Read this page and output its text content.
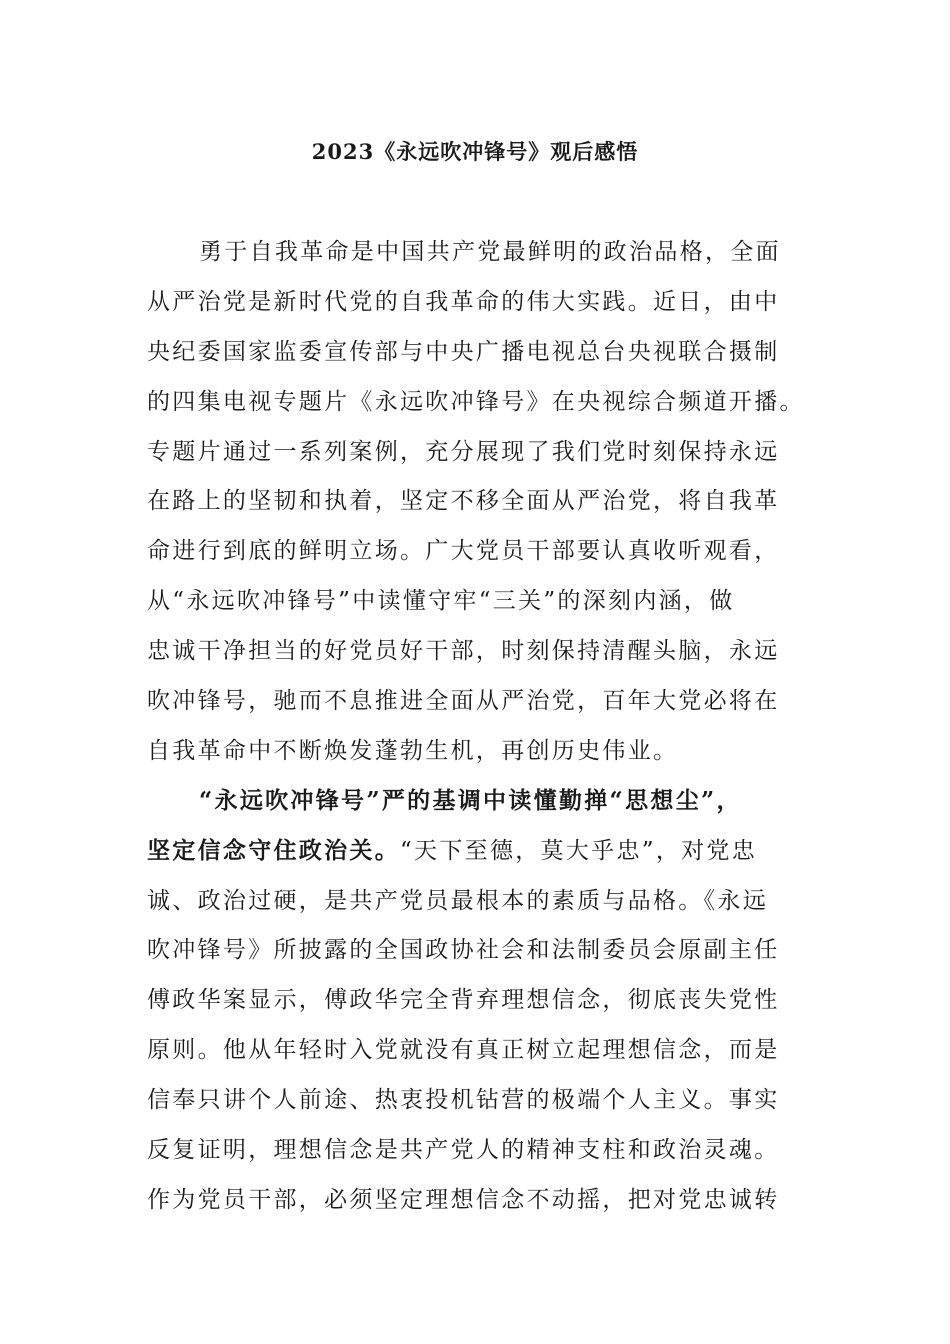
2023《永远吹冲锋号》观后感悟
勇于自我革命是中国共产党最鲜明的政治品格，全面
从严治党是新时代党的自我革命的伟大实践。近日，由中
央纪委国家监委宣传部与中央广播电视总台央视联合摄制
的四集电视专题片《永远吹冲锋号》在央视综合频道开播。
专题片通过一系列案例，充分展现了我们党时刻保持永远
在路上的坚韧和执着，坚定不移全面从严治党，将自我革
命进行到底的鲜明立场。广大党员干部要认真收听观看，
从“永远吹冲锋号”中读懂守牢“三关”的深刻内涵，做
忠诚干净担当的好党员好干部，时刻保持清醒头脑，永远
吹冲锋号，驰而不息推进全面从严治党，百年大党必将在
自我革命中不断焕发蓬勃生机，再创历史伟业。
“永远吹冲锋号”严的基调中读懂勤掸“思想尘”，
坚定信念守住政治关。“天下至德，莫大乎忠”，对党忠
诚、政治过硬，是共产党员最根本的素质与品格。《永远
吹冲锋号》所披露的全国政协社会和法制委员会原副主任
傅政华案显示，傅政华完全背弃理想信念，彻底丧失党性
原则。他从年轻时入党就没有真正树立起理想信念，而是
信奉只讲个人前途、热衷投机钻营的极端个人主义。事实
反复证明，理想信念是共产党人的精神支柱和政治灵魂。
作为党员干部，必须坚定理想信念不动摇，把对党忠诚转
